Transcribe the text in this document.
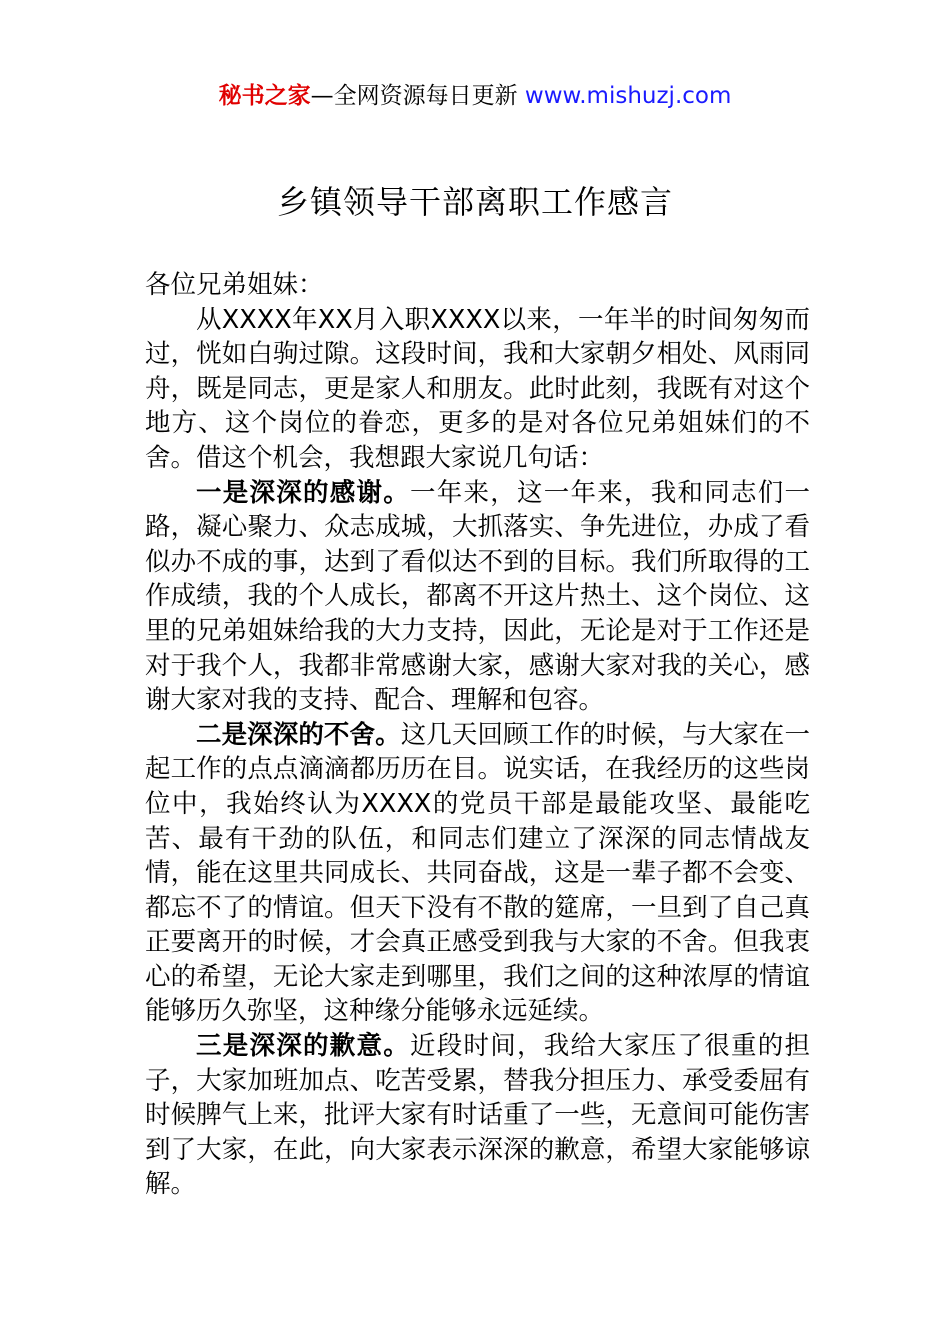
秘书之家—全网资源每日更新 www.mishuzj.com
乡镇领导干部离职工作感言

各位兄弟姐妹：

从XXXX年XX月入职XXXX以来，一年半的时间匆匆而过，恍如白驹过隙。这段时间，我和大家朝夕相处、风雨同舟，既是同志，更是家人和朋友。此时此刻，我既有对这个地方、这个岗位的眷恋，更多的是对各位兄弟姐妹们的不舍。借这个机会，我想跟大家说几句话：

一是深深的感谢。一年来，这一年来，我和同志们一路，凝心聚力、众志成城，大抓落实、争先进位，办成了看似办不成的事，达到了看似达不到的目标。我们所取得的工作成绩，我的个人成长，都离不开这片热土、这个岗位、这里的兄弟姐妹给我的大力支持，因此，无论是对于工作还是对于我个人，我都非常感谢大家，感谢大家对我的关心，感谢大家对我的支持、配合、理解和包容。

二是深深的不舍。这几天回顾工作的时候，与大家在一起工作的点点滴滴都历历在目。说实话，在我经历的这些岗位中，我始终认为XXXX的党员干部是最能攻坚、最能吃苦、最有干劲的队伍，和同志们建立了深深的同志情战友情，能在这里共同成长、共同奋战，这是一辈子都不会变、都忘不了的情谊。但天下没有不散的筵席，一旦到了自己真正要离开的时候，才会真正感受到我与大家的不舍。但我衷心的希望，无论大家走到哪里，我们之间的这种浓厚的情谊能够历久弥坚，这种缘分能够永远延续。

三是深深的歉意。近段时间，我给大家压了很重的担子，大家加班加点、吃苦受累，替我分担压力、承受委屈有时候脾气上来，批评大家有时话重了一些，无意间可能伤害到了大家，在此，向大家表示深深的歉意，希望大家能够谅解。
